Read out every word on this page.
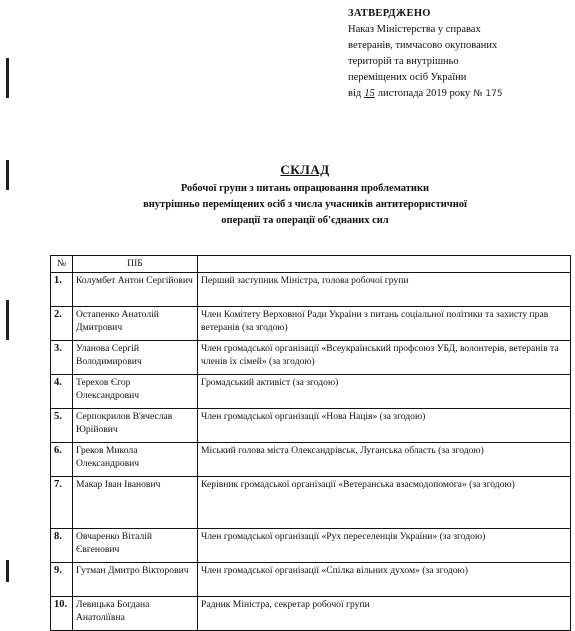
ЗАТВЕРДЖЕНО
Наказ Міністерства у справах
ветеранів, тимчасово окупованих
територій та внутрішньо
переміщених осіб України
від 15 листопада 2019 року № 175
СКЛАД
Робочої групи з питань опрацювання проблематики
внутрішньо переміщених осіб з числа учасників антитерористичної
операції та операції об'єднаних сил
№	ПІБ	
1.	Колумбет Антон Сергійович	Перший заступник Міністра, голова робочої групи
2.	Остапенко Анатолій Дмитрович	Член Комітету Верховної Ради України з питань соціальної політики та захисту прав ветеранів (за згодою)
3.	Уланова Сергій Володимирович	Член громадської організації «Всеукраїнський профсоюз УБД, волонтерів, ветеранів та членів їх сімей» (за згодою)
4.	Терехов Єгор Олександрович	Громадський активіст (за згодою)
5.	Серпокрилов В'ячеслав Юрійович	Член громадської організації «Нова Нація» (за згодою)
6.	Греков Микола Олександрович	Міський голова міста Олександрівськ, Луганська область (за згодою)
7.	Макар Іван Іванович	Керівник громадської організації «Ветеранська взаємодопомога» (за згодою)
8.	Овчаренко Віталій Євгенович	Член громадської організації «Рух переселенців України» (за згодою)
9.	Гутман Дмитро Вікторович	Член громадської організації «Спілка вільних духом» (за згодою)
10.	Левицька Богдана Анатоліївна	Радник Міністра, секретар робочої групи
